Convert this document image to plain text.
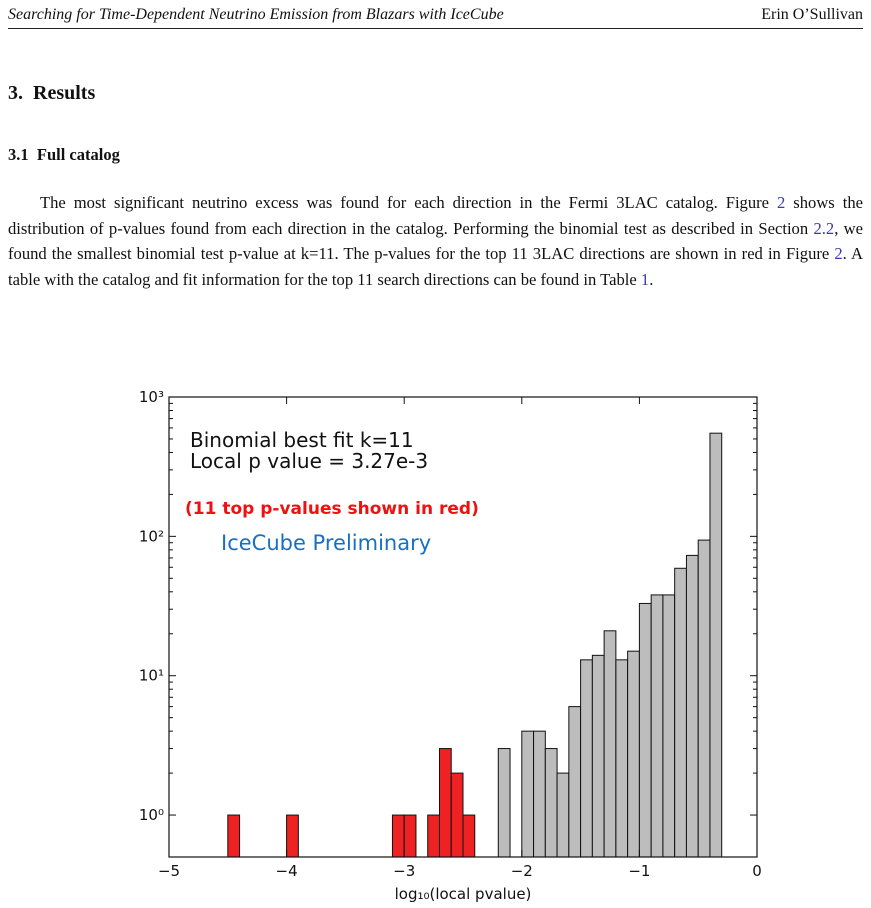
Searching for Time-Dependent Neutrino Emission from Blazars with IceCube	Erin O’Sullivan
3. Results
3.1 Full catalog

The most significant neutrino excess was found for each direction in the Fermi 3LAC catalog. Figure 2 shows the distribution of p-values found from each direction in the catalog. Performing the binomial test as described in Section 2.2, we found the smallest binomial test p-value at k=11. The p-values for the top 11 3LAC directions are shown in red in Figure 2. A table with the catalog and fit information for the top 11 search directions can be found in Table 1.

−5	−4	−3	−2	−1	0
10⁰
10¹
10²
10³
log₁₀(local pvalue)
Binomial best fit k=11
Local p value = 3.27e-3
(11 top p-values shown in red)
IceCube Preliminary
